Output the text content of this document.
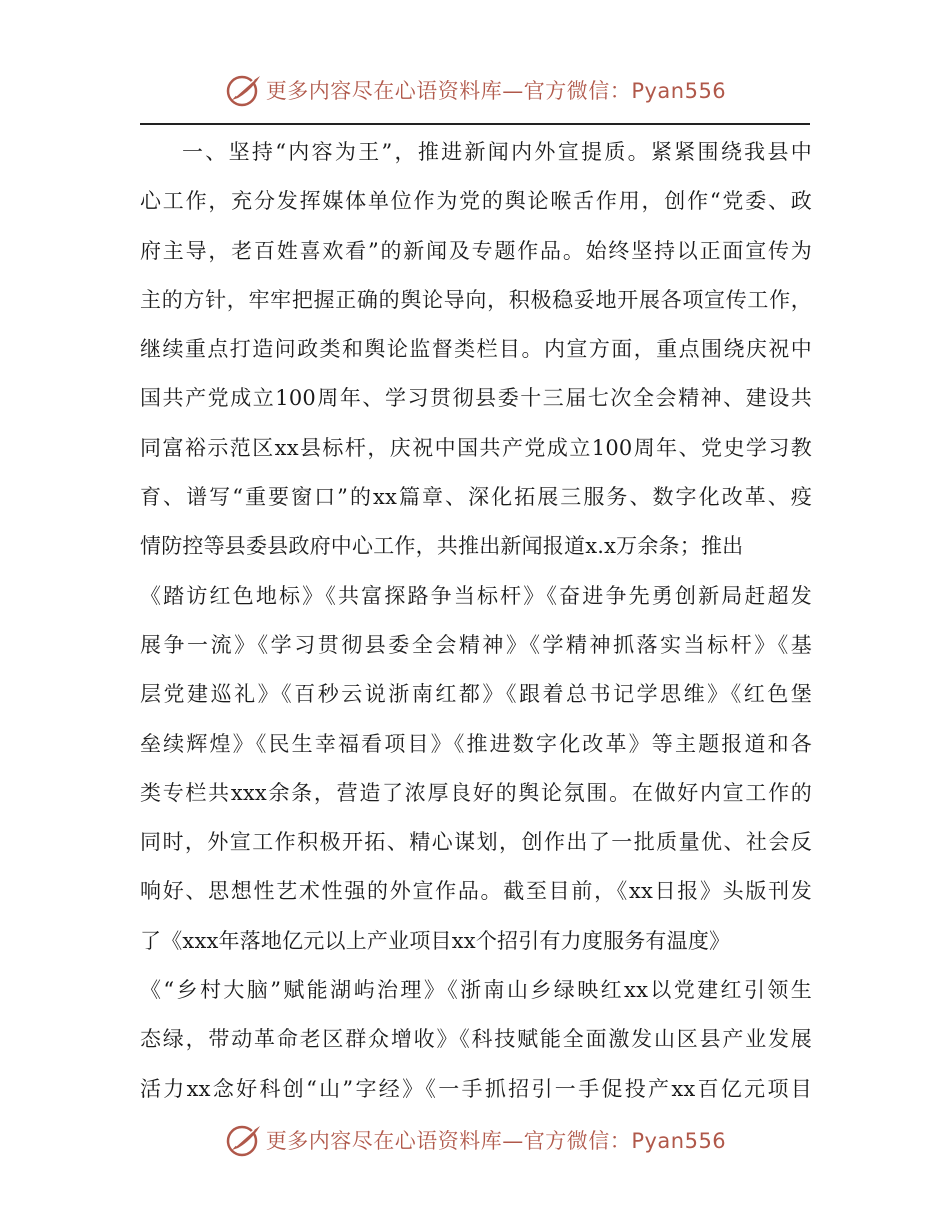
更多内容尽在心语资料库—官方微信：Pyan556
一、坚持“内容为王”，推进新闻内外宣提质。紧紧围绕我县中
心工作，充分发挥媒体单位作为党的舆论喉舌作用，创作“党委、政
府主导，老百姓喜欢看”的新闻及专题作品。始终坚持以正面宣传为
主的方针，牢牢把握正确的舆论导向，积极稳妥地开展各项宣传工作，
继续重点打造问政类和舆论监督类栏目。内宣方面，重点围绕庆祝中
国共产党成立100周年、学习贯彻县委十三届七次全会精神、建设共
同富裕示范区xx县标杆，庆祝中国共产党成立100周年、党史学习教
育、谱写“重要窗口”的xx篇章、深化拓展三服务、数字化改革、疫
情防控等县委县政府中心工作，共推出新闻报道x.x万余条；推出
《踏访红色地标》《共富探路争当标杆》《奋进争先勇创新局赶超发
展争一流》《学习贯彻县委全会精神》《学精神抓落实当标杆》《基
层党建巡礼》《百秒云说浙南红都》《跟着总书记学思维》《红色堡
垒续辉煌》《民生幸福看项目》《推进数字化改革》等主题报道和各
类专栏共xxx余条，营造了浓厚良好的舆论氛围。在做好内宣工作的
同时，外宣工作积极开拓、精心谋划，创作出了一批质量优、社会反
响好、思想性艺术性强的外宣作品。截至目前，《xx日报》头版刊发
了《xxx年落地亿元以上产业项目xx个招引有力度服务有温度》
《“乡村大脑”赋能湖屿治理》《浙南山乡绿映红xx以党建红引领生
态绿，带动革命老区群众增收》《科技赋能全面激发山区县产业发展
活力xx念好科创“山”字经》《一手抓招引一手促投产xx百亿元项目
更多内容尽在心语资料库—官方微信：Pyan556
